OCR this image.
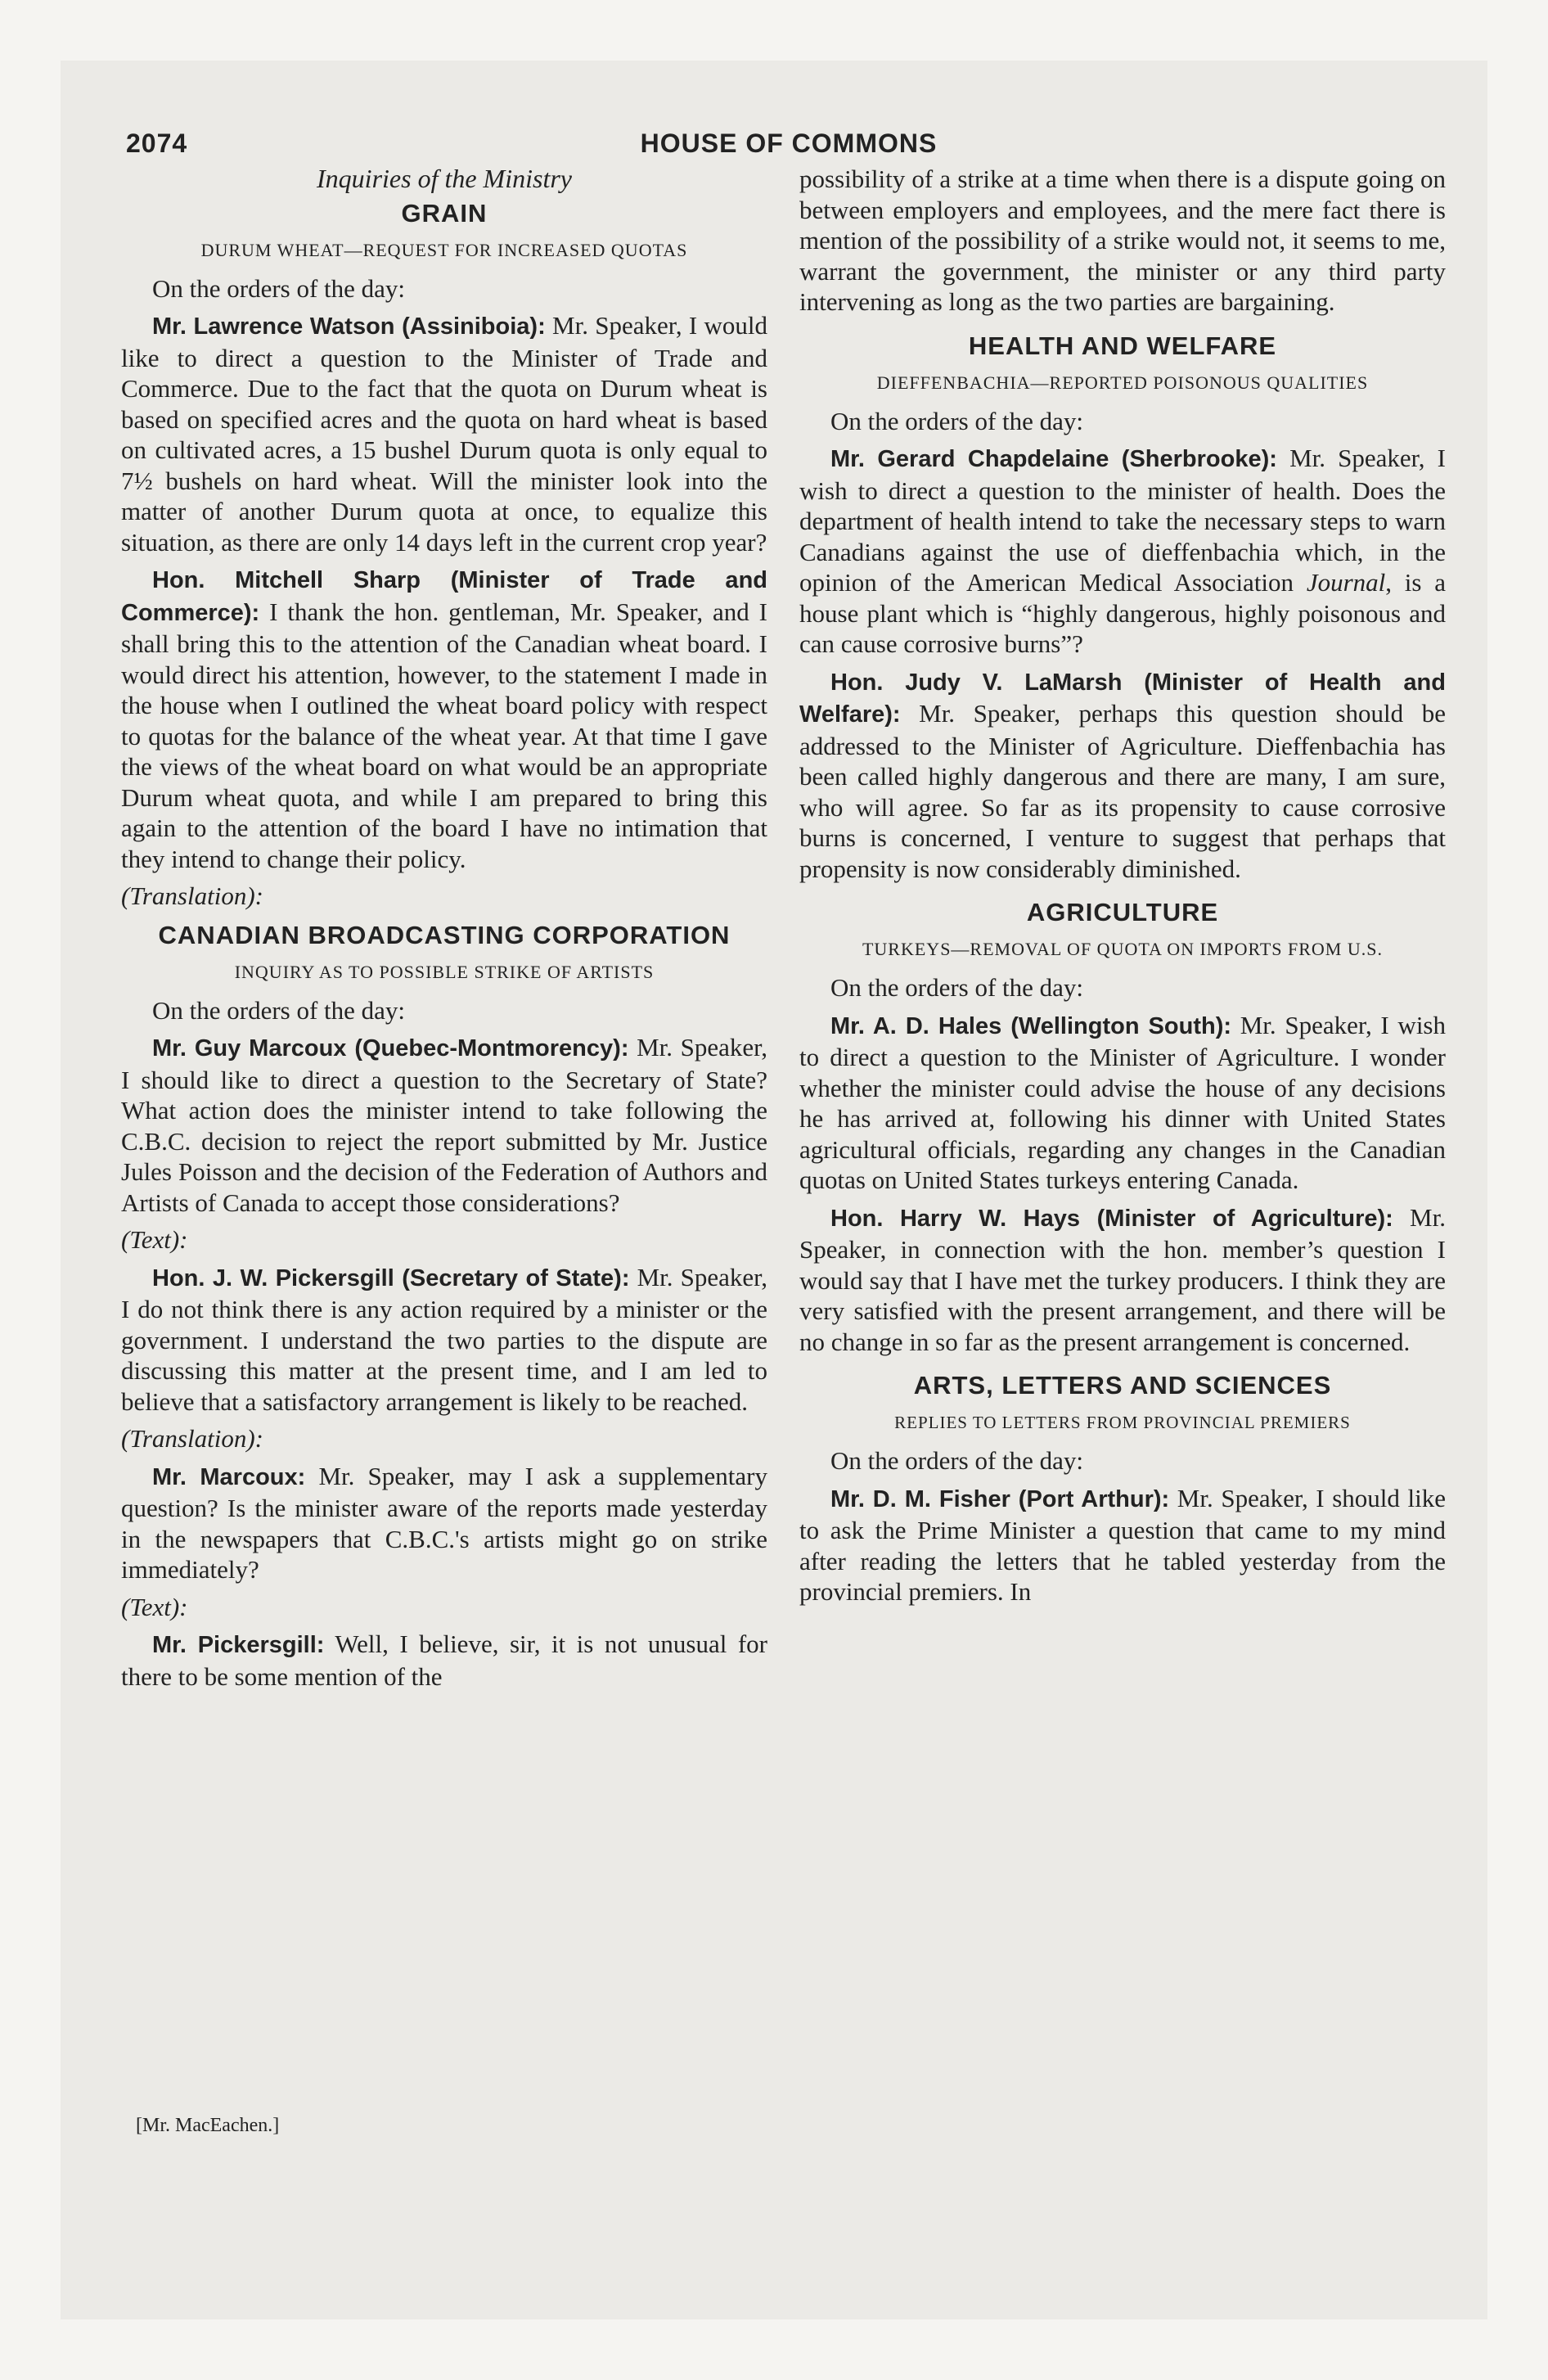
2074	HOUSE OF COMMONS
Inquiries of the Ministry
GRAIN
DURUM WHEAT—REQUEST FOR INCREASED QUOTAS

On the orders of the day:

Mr. Lawrence Watson (Assiniboia): Mr. Speaker, I would like to direct a question to the Minister of Trade and Commerce. Due to the fact that the quota on Durum wheat is based on specified acres and the quota on hard wheat is based on cultivated acres, a 15 bushel Durum quota is only equal to 7½ bushels on hard wheat. Will the minister look into the matter of another Durum quota at once, to equalize this situation, as there are only 14 days left in the current crop year?

Hon. Mitchell Sharp (Minister of Trade and Commerce): I thank the hon. gentleman, Mr. Speaker, and I shall bring this to the attention of the Canadian wheat board. I would direct his attention, however, to the statement I made in the house when I outlined the wheat board policy with respect to quotas for the balance of the wheat year. At that time I gave the views of the wheat board on what would be an appropriate Durum wheat quota, and while I am prepared to bring this again to the attention of the board I have no intimation that they intend to change their policy.

(Translation):
CANADIAN BROADCASTING CORPORATION
INQUIRY AS TO POSSIBLE STRIKE OF ARTISTS

On the orders of the day:

Mr. Guy Marcoux (Quebec-Montmorency): Mr. Speaker, I should like to direct a question to the Secretary of State? What action does the minister intend to take following the C.B.C. decision to reject the report submitted by Mr. Justice Jules Poisson and the decision of the Federation of Authors and Artists of Canada to accept those considerations?

(Text):

Hon. J. W. Pickersgill (Secretary of State): Mr. Speaker, I do not think there is any action required by a minister or the government. I understand the two parties to the dispute are discussing this matter at the present time, and I am led to believe that a satisfactory arrangement is likely to be reached.

(Translation):

Mr. Marcoux: Mr. Speaker, may I ask a supplementary question? Is the minister aware of the reports made yesterday in the newspapers that C.B.C.'s artists might go on strike immediately?

(Text):

Mr. Pickersgill: Well, I believe, sir, it is not unusual for there to be some mention of the

possibility of a strike at a time when there is a dispute going on between employers and employees, and the mere fact there is mention of the possibility of a strike would not, it seems to me, warrant the government, the minister or any third party intervening as long as the two parties are bargaining.

HEALTH AND WELFARE
DIEFFENBACHIA—REPORTED POISONOUS QUALITIES

On the orders of the day:

Mr. Gerard Chapdelaine (Sherbrooke): Mr. Speaker, I wish to direct a question to the minister of health. Does the department of health intend to take the necessary steps to warn Canadians against the use of dieffenbachia which, in the opinion of the American Medical Association Journal, is a house plant which is “highly dangerous, highly poisonous and can cause corrosive burns”?

Hon. Judy V. LaMarsh (Minister of Health and Welfare): Mr. Speaker, perhaps this question should be addressed to the Minister of Agriculture. Dieffenbachia has been called highly dangerous and there are many, I am sure, who will agree. So far as its propensity to cause corrosive burns is concerned, I venture to suggest that perhaps that propensity is now considerably diminished.

AGRICULTURE
TURKEYS—REMOVAL OF QUOTA ON IMPORTS FROM U.S.

On the orders of the day:

Mr. A. D. Hales (Wellington South): Mr. Speaker, I wish to direct a question to the Minister of Agriculture. I wonder whether the minister could advise the house of any decisions he has arrived at, following his dinner with United States agricultural officials, regarding any changes in the Canadian quotas on United States turkeys entering Canada.

Hon. Harry W. Hays (Minister of Agriculture): Mr. Speaker, in connection with the hon. member’s question I would say that I have met the turkey producers. I think they are very satisfied with the present arrangement, and there will be no change in so far as the present arrangement is concerned.

ARTS, LETTERS AND SCIENCES
REPLIES TO LETTERS FROM PROVINCIAL PREMIERS

On the orders of the day:

Mr. D. M. Fisher (Port Arthur): Mr. Speaker, I should like to ask the Prime Minister a question that came to my mind after reading the letters that he tabled yesterday from the provincial premiers. In

[Mr. MacEachen.]
